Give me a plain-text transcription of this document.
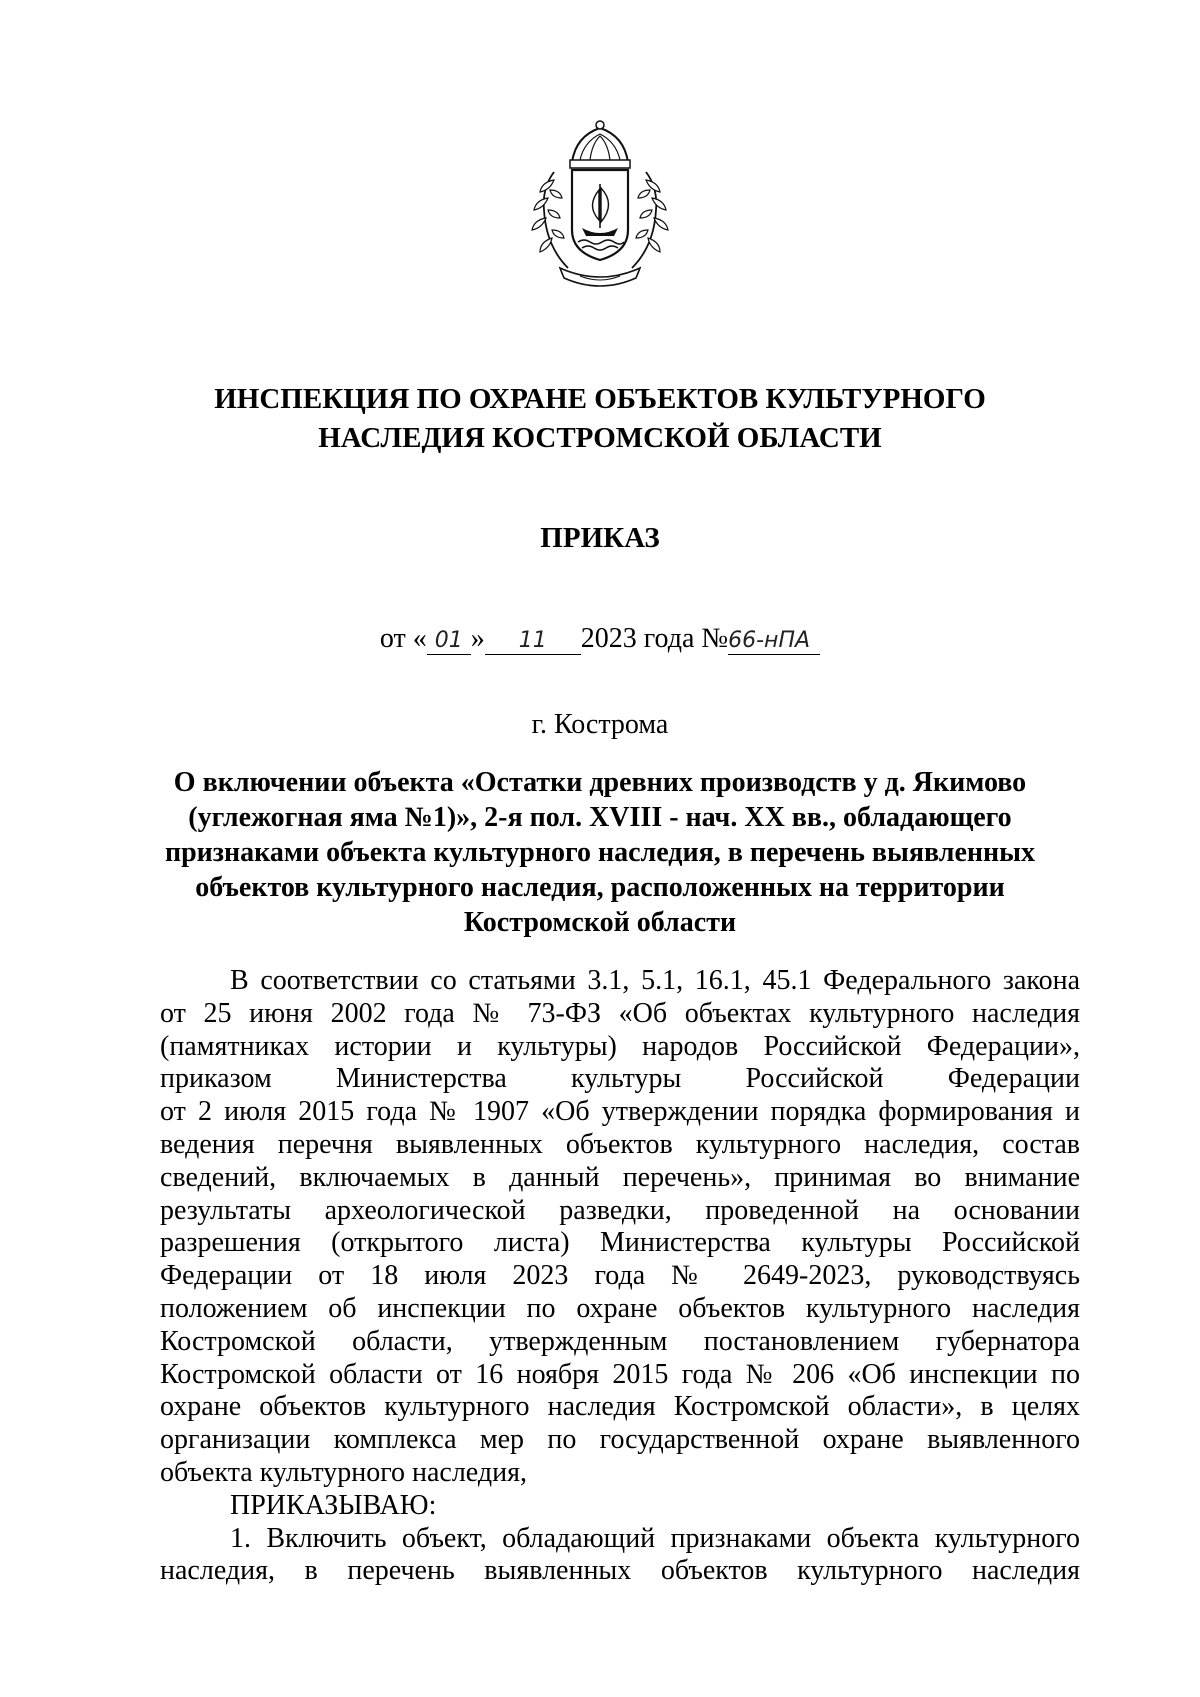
ИНСПЕКЦИЯ ПО ОХРАНЕ ОБЪЕКТОВ КУЛЬТУРНОГО
НАСЛЕДИЯ КОСТРОМСКОЙ ОБЛАСТИ
ПРИКАЗ
от « 01 » 11 2023 года №66-нПА
г. Кострома
О включении объекта «Остатки древних производств у д. Якимово
(углежогная яма №1)», 2-я пол. XVIII - нач. XX вв., обладающего
признаками объекта культурного наследия, в перечень выявленных
объектов культурного наследия, расположенных на территории
Костромской области
В соответствии со статьями 3.1, 5.1, 16.1, 45.1 Федерального закона
от 25 июня 2002 года № 73-ФЗ «Об объектах культурного наследия
(памятниках истории и культуры) народов Российской Федерации»,
приказом Министерства культуры Российской Федерации
от 2 июля 2015 года № 1907 «Об утверждении порядка формирования и
ведения перечня выявленных объектов культурного наследия, состав
сведений, включаемых в данный перечень», принимая во внимание
результаты археологической разведки, проведенной на основании
разрешения (открытого листа) Министерства культуры Российской
Федерации от 18 июля 2023 года № 2649-2023, руководствуясь
положением об инспекции по охране объектов культурного наследия
Костромской области, утвержденным постановлением губернатора
Костромской области от 16 ноября 2015 года № 206 «Об инспекции по
охране объектов культурного наследия Костромской области», в целях
организации комплекса мер по государственной охране выявленного
объекта культурного наследия,
ПРИКАЗЫВАЮ:
1. Включить объект, обладающий признаками объекта культурного
наследия, в перечень выявленных объектов культурного наследия
